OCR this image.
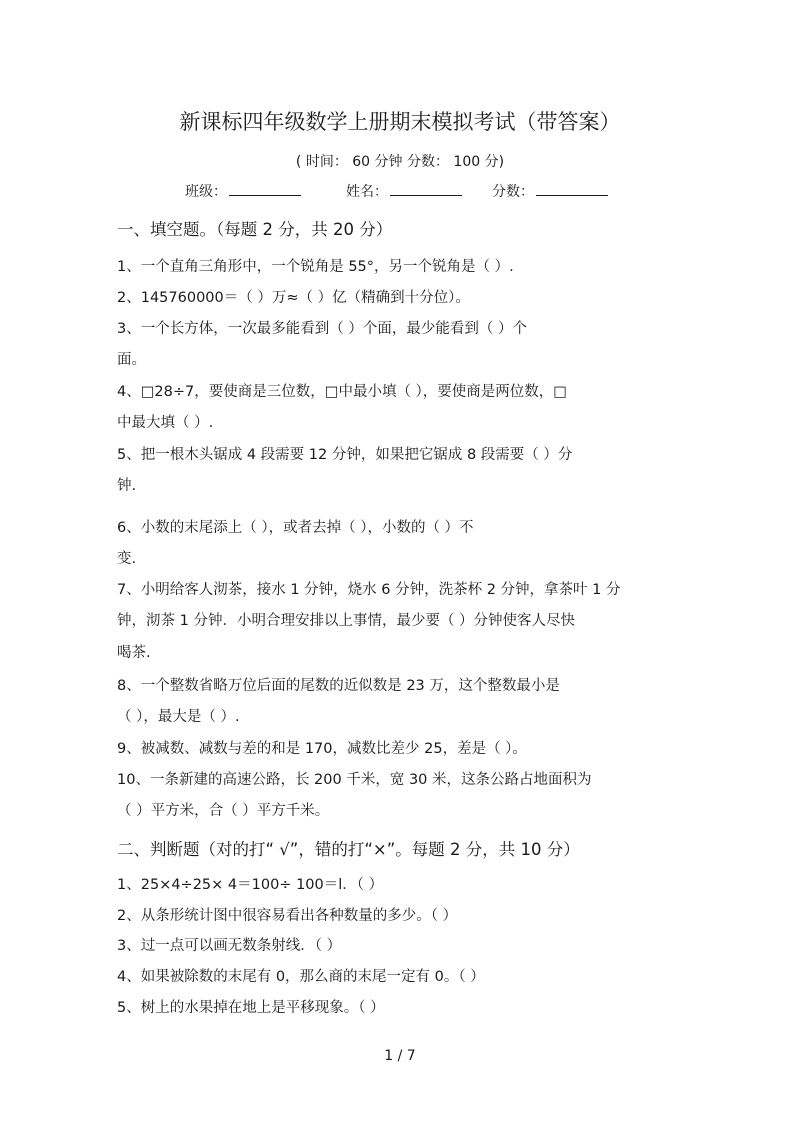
新课标四年级数学上册期末模拟考试（带答案）
( 时间： 60 分钟 分数： 100 分)
班级：	姓名：	分数：
一、填空题。（每题 2 分，共 20 分）
1、一个直角三角形中，一个锐角是 55°，另一个锐角是（ ）.
2、145760000＝（ ）万≈（ ）亿（精确到十分位）。
3、一个长方体，一次最多能看到（ ）个面，最少能看到（ ）个
面。
4、□28÷7，要使商是三位数，□中最小填（ ），要使商是两位数，□
中最大填（ ）.
5、把一根木头锯成 4 段需要 12 分钟，如果把它锯成 8 段需要（ ）分
钟.
6、小数的末尾添上（ ），或者去掉（ ），小数的（ ）不
变.
7、小明给客人沏茶，接水 1 分钟，烧水 6 分钟，洗茶杯 2 分钟，拿茶叶 1 分
钟，沏茶 1 分钟．小明合理安排以上事情，最少要（ ）分钟使客人尽快
喝茶.
8、一个整数省略万位后面的尾数的近似数是 23 万，这个整数最小是
（ ），最大是（ ）.
9、被减数、减数与差的和是 170，减数比差少 25，差是（ ）。
10、一条新建的高速公路，长 200 千米，宽 30 米，这条公路占地面积为
（ ）平方米，合（ ）平方千米。
二、判断题（对的打“ √”，错的打“×”。每题 2 分，共 10 分）
1、25×4÷25× 4＝100÷ 100＝l．（ ）
2、从条形统计图中很容易看出各种数量的多少。（ ）
3、过一点可以画无数条射线．（ ）
4、如果被除数的末尾有 0，那么商的末尾一定有 0。（ ）
5、树上的水果掉在地上是平移现象。（ ）
1 / 7
